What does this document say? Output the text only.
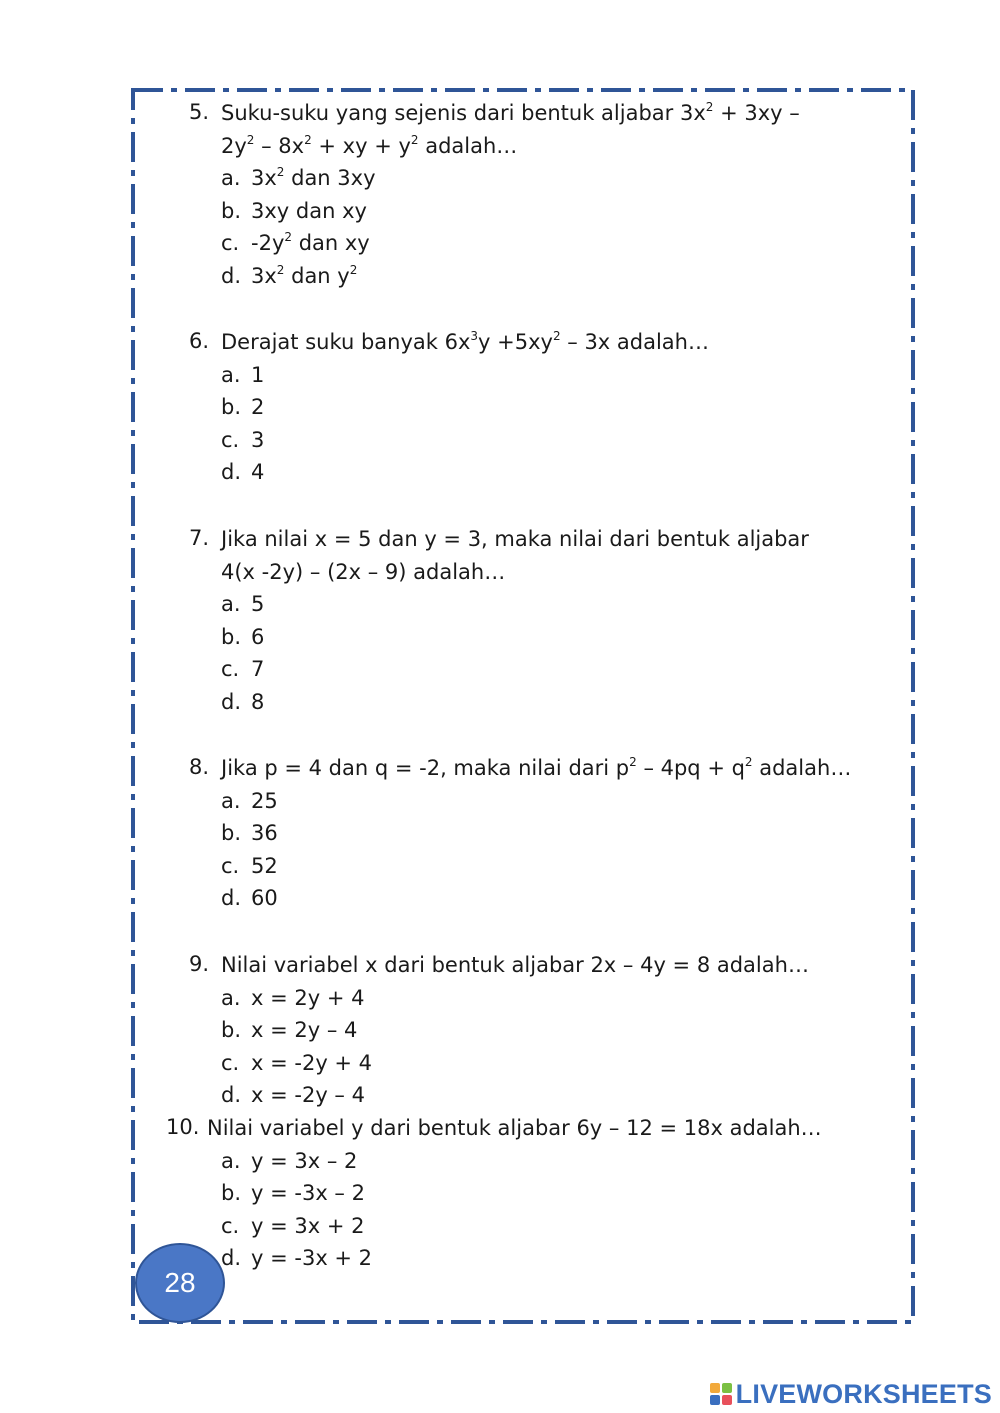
5. Suku-suku yang sejenis dari bentuk aljabar $3x^2 + 3xy$ –
$2y^2 - 8x^2$ + xy + $y^2$ adalah…
a. $3x^2$ dan 3xy
b. 3xy dan xy
c. $-2y^2$ dan xy
d. $3x^2$ dan $y^2$
6. Derajat suku banyak $6x^3y +5xy^2 - 3x$ adalah…
a. 1
b. 2
c. 3
d. 4
7. Jika nilai x = 5 dan y = 3, maka nilai dari bentuk aljabar
4(x -2y) – (2x – 9) adalah…
a. 5
b. 6
c. 7
d. 8
8. Jika p = 4 dan q = -2, maka nilai dari $p^2 - 4pq + q^2$ adalah…
a. 25
b. 36
c. 52
d. 60
9. Nilai variabel x dari bentuk aljabar 2x – 4y = 8 adalah…
a. x = 2y + 4
b. x = 2y – 4
c. x = -2y + 4
d. x = -2y – 4
10. Nilai variabel y dari bentuk aljabar 6y – 12 = 18x adalah…
a. y = 3x – 2
b. y = -3x – 2
c. y = 3x + 2
d. y = -3x + 2
28
LIVEWORKSHEETS
